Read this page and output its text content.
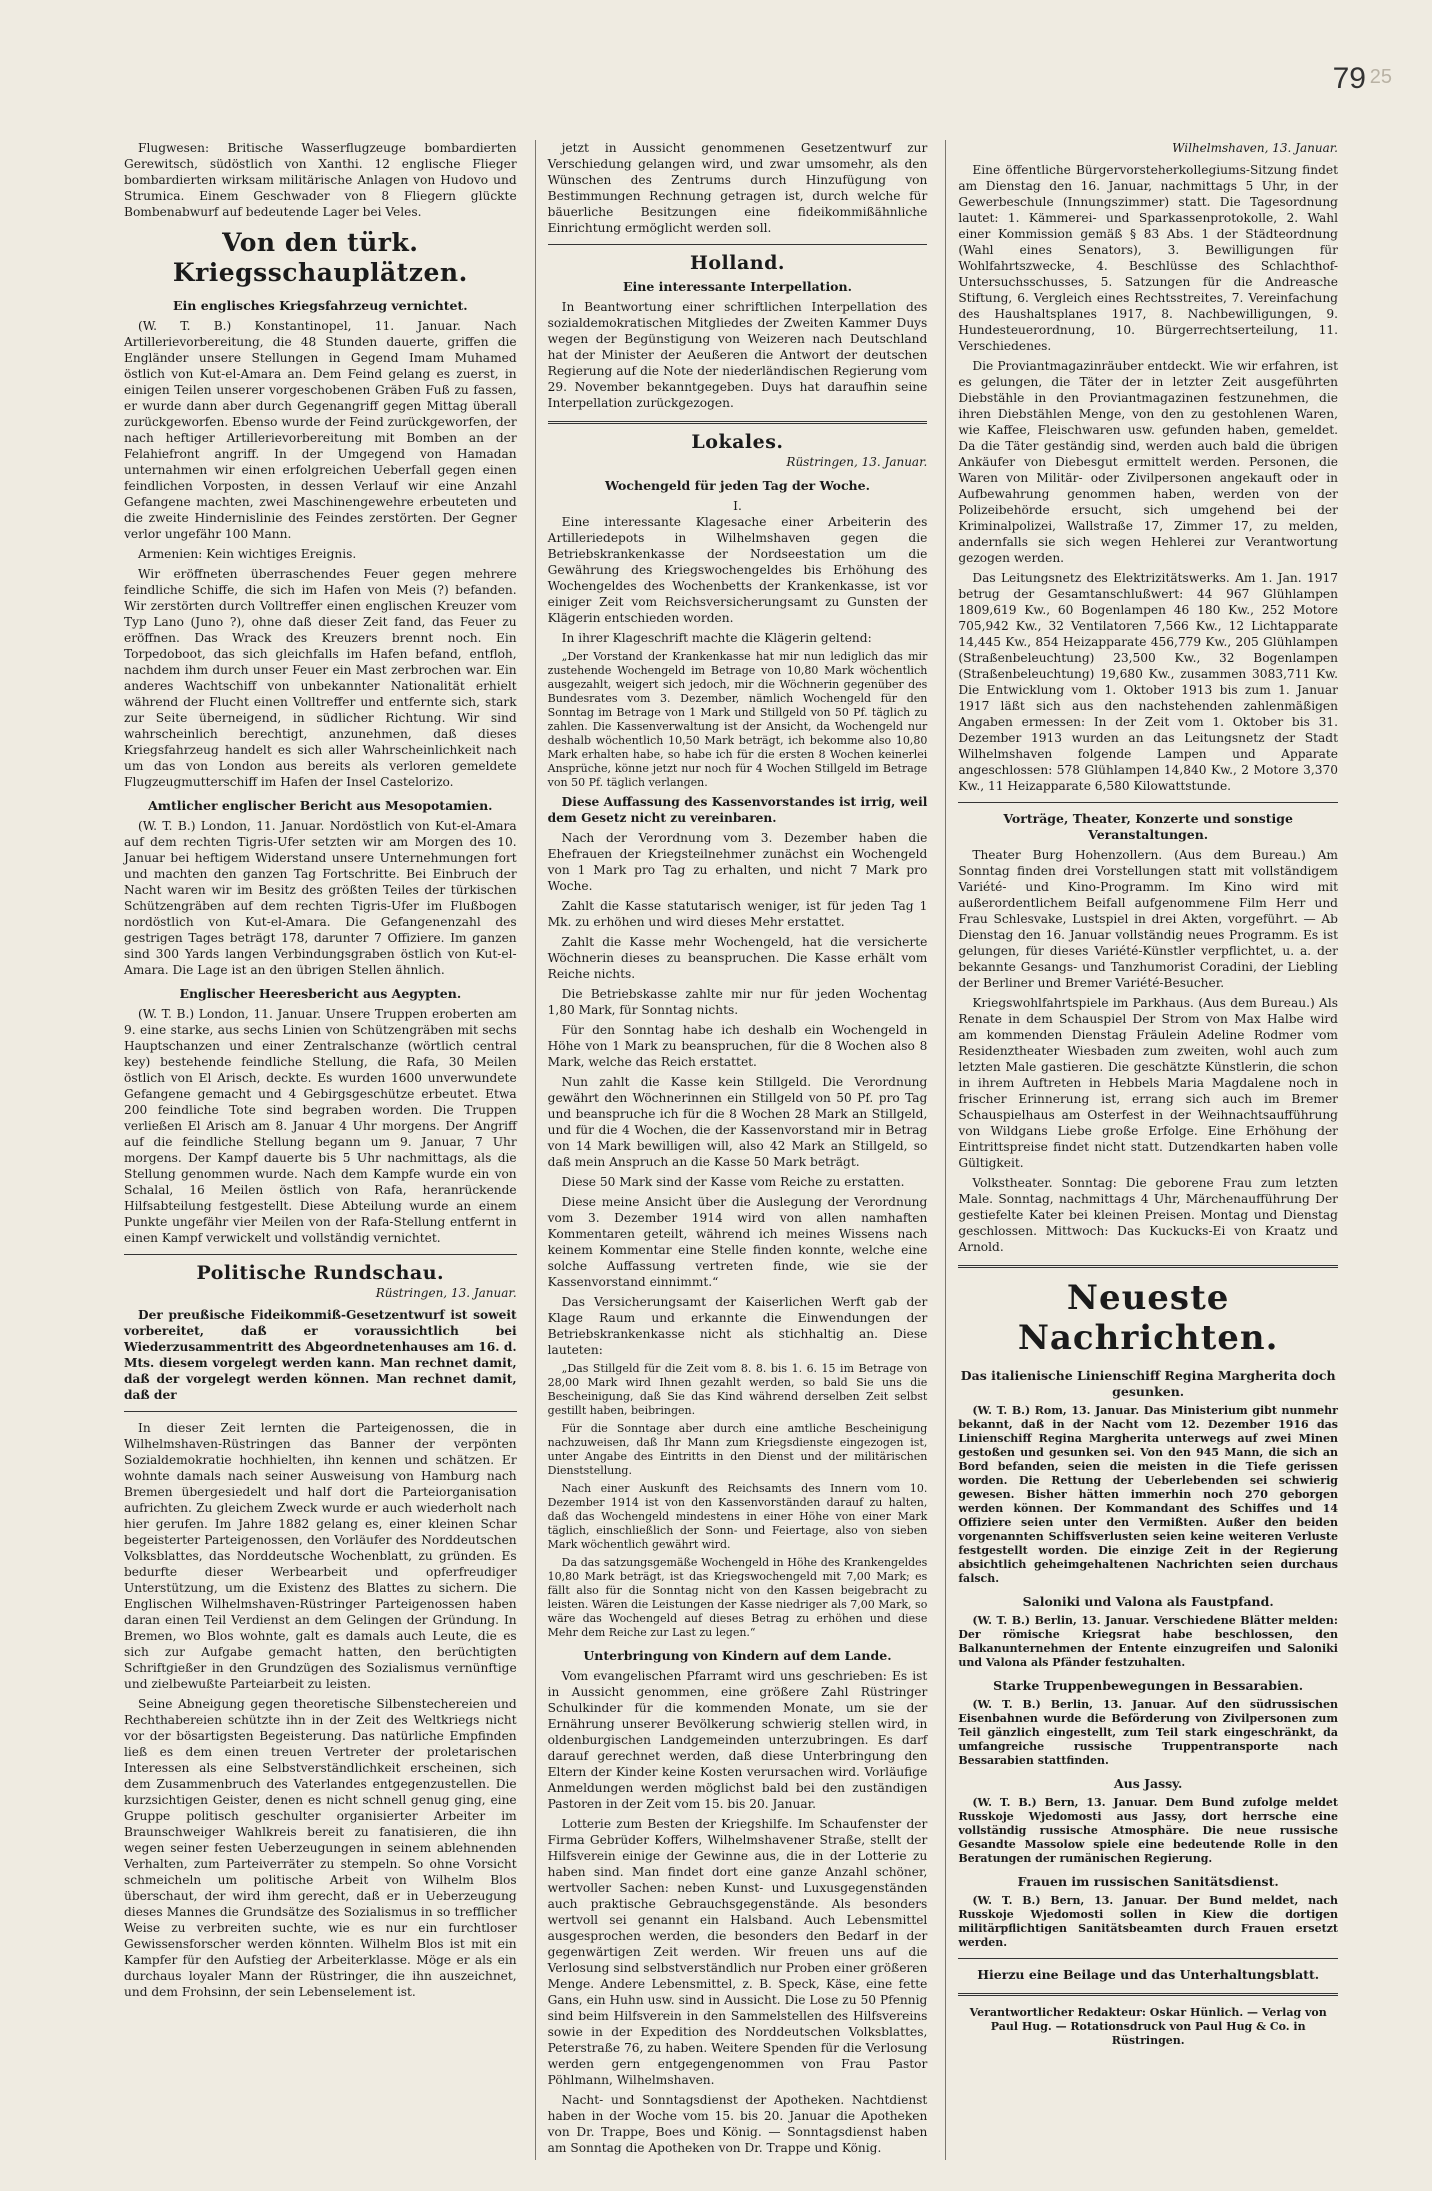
79 25

Flugwesen: Britische Wasserflugzeuge bombardierten Gerewitsch, südöstlich von Xanthi. 12 englische Flieger bombardierten wirksam militärische Anlagen von Hudovo und Strumica. Einem Geschwader von 8 Fliegern glückte Bombenabwurf auf bedeutende Lager bei Veles.

Von den türk. Kriegsschauplätzen.
Ein englisches Kriegsfahrzeug vernichtet.

(W. T. B.) Konstantinopel, 11. Januar. Nach Artillerievorbereitung, die 48 Stunden dauerte, griffen die Engländer unsere Stellungen in Gegend Imam Muhamed östlich von Kut-el-Amara an. Dem Feind gelang es zuerst, in einigen Teilen unserer vorgeschobenen Gräben Fuß zu fassen, er wurde dann aber durch Gegenangriff gegen Mittag überall zurückgeworfen. Ebenso wurde der Feind zurückgeworfen, der nach heftiger Artillerievorbereitung mit Bomben an der Felahiefront angriff. In der Umgegend von Hamadan unternahmen wir einen erfolgreichen Ueberfall gegen einen feindlichen Vorposten, in dessen Verlauf wir eine Anzahl Gefangene machten, zwei Maschinengewehre erbeuteten und die zweite Hindernislinie des Feindes zerstörten. Der Gegner verlor ungefähr 100 Mann.

Armenien: Kein wichtiges Ereignis.

Wir eröffneten überraschendes Feuer gegen mehrere feindliche Schiffe, die sich im Hafen von Meis (?) befanden. Wir zerstörten durch Volltreffer einen englischen Kreuzer vom Typ Lano (Juno ?), ohne daß dieser Zeit fand, das Feuer zu eröffnen. Das Wrack des Kreuzers brennt noch. Ein Torpedoboot, das sich gleichfalls im Hafen befand, entfloh, nachdem ihm durch unser Feuer ein Mast zerbrochen war. Ein anderes Wachtschiff von unbekannter Nationalität erhielt während der Flucht einen Volltreffer und entfernte sich, stark zur Seite überneigend, in südlicher Richtung. Wir sind wahrscheinlich berechtigt, anzunehmen, daß dieses Kriegsfahrzeug handelt es sich aller Wahrscheinlichkeit nach um das von London aus bereits als verloren gemeldete Flugzeugmutterschiff im Hafen der Insel Castelorizo.

Amtlicher englischer Bericht aus Mesopotamien.

(W. T. B.) London, 11. Januar. Nordöstlich von Kut-el-Amara auf dem rechten Tigris-Ufer setzten wir am Morgen des 10. Januar bei heftigem Widerstand unsere Unternehmungen fort und machten den ganzen Tag Fortschritte. Bei Einbruch der Nacht waren wir im Besitz des größten Teiles der türkischen Schützengräben auf dem rechten Tigris-Ufer im Flußbogen nordöstlich von Kut-el-Amara. Die Gefangenenzahl des gestrigen Tages beträgt 178, darunter 7 Offiziere. Im ganzen sind 300 Yards langen Verbindungsgraben östlich von Kut-el-Amara. Die Lage ist an den übrigen Stellen ähnlich.

Englischer Heeresbericht aus Aegypten.

(W. T. B.) London, 11. Januar. Unsere Truppen eroberten am 9. eine starke, aus sechs Linien von Schützengräben mit sechs Hauptschanzen und einer Zentralschanze (wörtlich central key) bestehende feindliche Stellung, die Rafa, 30 Meilen östlich von El Arisch, deckte. Es wurden 1600 unverwundete Gefangene gemacht und 4 Gebirgsgeschütze erbeutet. Etwa 200 feindliche Tote sind begraben worden. Die Truppen verließen El Arisch am 8. Januar 4 Uhr morgens. Der Angriff auf die feindliche Stellung begann um 9. Januar, 7 Uhr morgens. Der Kampf dauerte bis 5 Uhr nachmittags, als die Stellung genommen wurde. Nach dem Kampfe wurde ein von Schalal, 16 Meilen östlich von Rafa, heranrückende Hilfsabteilung festgestellt. Diese Abteilung wurde an einem Punkte ungefähr vier Meilen von der Rafa-Stellung entfernt in einen Kampf verwickelt und vollständig vernichtet.

Politische Rundschau.
Rüstringen, 13. Januar.

Der preußische Fideikommiß-Gesetzentwurf ist soweit vorbereitet, daß er voraussichtlich bei Wiederzusammentritt des Abgeordnetenhauses am 16. d. Mts. diesem vorgelegt werden kann. Man rechnet damit, daß der vorgelegt werden können. Man rechnet damit, daß der

In dieser Zeit lernten die Parteigenossen, die in Wilhelmshaven-Rüstringen das Banner der verpönten Sozialdemokratie hochhielten, ihn kennen und schätzen. Er wohnte damals nach seiner Ausweisung von Hamburg nach Bremen übergesiedelt und half dort die Parteiorganisation aufrichten. Zu gleichem Zweck wurde er auch wiederholt nach hier gerufen. Im Jahre 1882 gelang es, einer kleinen Schar begeisterter Parteigenossen, den Vorläufer des Norddeutschen Volksblattes, das Norddeutsche Wochenblatt, zu gründen. Es bedurfte dieser Werbearbeit und opferfreudiger Unterstützung, um die Existenz des Blattes zu sichern. Die Englischen Wilhelmshaven-Rüstringer Parteigenossen haben daran einen Teil Verdienst an dem Gelingen der Gründung. In Bremen, wo Blos wohnte, galt es damals auch Leute, die es sich zur Aufgabe gemacht hatten, den berüchtigten Schriftgießer in den Grundzügen des Sozialismus vernünftige und zielbewußte Parteiarbeit zu leisten.

Seine Abneigung gegen theoretische Silbenstechereien und Rechthabereien schützte ihn in der Zeit des Weltkriegs nicht vor der bösartigsten Begeisterung. Das natürliche Empfinden ließ es dem einen treuen Vertreter der proletarischen Interessen als eine Selbstverständlichkeit erscheinen, sich dem Zusammenbruch des Vaterlandes entgegenzustellen. Die kurzsichtigen Geister, denen es nicht schnell genug ging, eine Gruppe politisch geschulter organisierter Arbeiter im Braunschweiger Wahlkreis bereit zu fanatisieren, die ihn wegen seiner festen Ueberzeugungen in seinem ablehnenden Verhalten, zum Parteiverräter zu stempeln. So ohne Vorsicht schmeicheln um politische Arbeit von Wilhelm Blos überschaut, der wird ihm gerecht, daß er in Ueberzeugung dieses Mannes die Grundsätze des Sozialismus in so trefflicher Weise zu verbreiten suchte, wie es nur ein furchtloser Gewissensforscher werden könnten. Wilhelm Blos ist mit ein Kampfer für den Aufstieg der Arbeiterklasse. Möge er als ein durchaus loyaler Mann der Rüstringer, die ihn auszeichnet, und dem Frohsinn, der sein Lebenselement ist.

jetzt in Aussicht genommenen Gesetzentwurf zur Verschiedung gelangen wird, und zwar umsomehr, als den Wünschen des Zentrums durch Hinzufügung von Bestimmungen Rechnung getragen ist, durch welche für bäuerliche Besitzungen eine fideikommißähnliche Einrichtung ermöglicht werden soll.

Holland.
Eine interessante Interpellation.

In Beantwortung einer schriftlichen Interpellation des sozialdemokratischen Mitgliedes der Zweiten Kammer Duys wegen der Begünstigung von Weizeren nach Deutschland hat der Minister der Aeußeren die Antwort der deutschen Regierung auf die Note der niederländischen Regierung vom 29. November bekanntgegeben. Duys hat daraufhin seine Interpellation zurückgezogen.

Lokales.
Rüstringen, 13. Januar.
Wochengeld für jeden Tag der Woche.
I.

Eine interessante Klagesache einer Arbeiterin des Artilleriedepots in Wilhelmshaven gegen die Betriebskrankenkasse der Nordseestation um die Gewährung des Kriegswochengeldes bis Erhöhung des Wochengeldes des Wochenbetts der Krankenkasse, ist vor einiger Zeit vom Reichsversicherungsamt zu Gunsten der Klägerin entschieden worden.

In ihrer Klageschrift machte die Klägerin geltend:

„Der Vorstand der Krankenkasse hat mir nun lediglich das mir zustehende Wochengeld im Betrage von 10,80 Mark wöchentlich ausgezahlt, weigert sich jedoch, mir die Wöchnerin gegenüber des Bundesrates vom 3. Dezember, nämlich Wochengeld für den Sonntag im Betrage von 1 Mark und Stillgeld von 50 Pf. täglich zu zahlen. Die Kassenverwaltung ist der Ansicht, da Wochengeld nur deshalb wöchentlich 10,50 Mark beträgt, ich bekomme also 10,80 Mark erhalten habe, so habe ich für die ersten 8 Wochen keinerlei Ansprüche, könne jetzt nur noch für 4 Wochen Stillgeld im Betrage von 50 Pf. täglich verlangen.

Diese Auffassung des Kassenvorstandes ist irrig, weil dem Gesetz nicht zu vereinbaren.

Nach der Verordnung vom 3. Dezember haben die Ehefrauen der Kriegsteilnehmer zunächst ein Wochengeld von 1 Mark pro Tag zu erhalten, und nicht 7 Mark pro Woche.

Zahlt die Kasse statutarisch weniger, ist für jeden Tag 1 Mk. zu erhöhen und wird dieses Mehr erstattet.

Zahlt die Kasse mehr Wochengeld, hat die versicherte Wöchnerin dieses zu beanspruchen. Die Kasse erhält vom Reiche nichts.

Die Betriebskasse zahlte mir nur für jeden Wochentag 1,80 Mark, für Sonntag nichts.

Für den Sonntag habe ich deshalb ein Wochengeld in Höhe von 1 Mark zu beanspruchen, für die 8 Wochen also 8 Mark, welche das Reich erstattet.

Nun zahlt die Kasse kein Stillgeld. Die Verordnung gewährt den Wöchnerinnen ein Stillgeld von 50 Pf. pro Tag und beanspruche ich für die 8 Wochen 28 Mark an Stillgeld, und für die 4 Wochen, die der Kassenvorstand mir in Betrag von 14 Mark bewilligen will, also 42 Mark an Stillgeld, so daß mein Anspruch an die Kasse 50 Mark beträgt.

Diese 50 Mark sind der Kasse vom Reiche zu erstatten.

Diese meine Ansicht über die Auslegung der Verordnung vom 3. Dezember 1914 wird von allen namhaften Kommentaren geteilt, während ich meines Wissens nach keinem Kommentar eine Stelle finden konnte, welche eine solche Auffassung vertreten finde, wie sie der Kassenvorstand einnimmt.“

Das Versicherungsamt der Kaiserlichen Werft gab der Klage Raum und erkannte die Einwendungen der Betriebskrankenkasse nicht als stichhaltig an. Diese lauteten:

„Das Stillgeld für die Zeit vom 8. 8. bis 1. 6. 15 im Betrage von 28,00 Mark wird Ihnen gezahlt werden, so bald Sie uns die Bescheinigung, daß Sie das Kind während derselben Zeit selbst gestillt haben, beibringen.

Für die Sonntage aber durch eine amtliche Bescheinigung nachzuweisen, daß Ihr Mann zum Kriegsdienste eingezogen ist, unter Angabe des Eintritts in den Dienst und der militärischen Dienststellung.

Nach einer Auskunft des Reichsamts des Innern vom 10. Dezember 1914 ist von den Kassenvorständen darauf zu halten, daß das Wochengeld mindestens in einer Höhe von einer Mark täglich, einschließlich der Sonn- und Feiertage, also von sieben Mark wöchentlich gewährt wird.

Da das satzungsgemäße Wochengeld in Höhe des Krankengeldes 10,80 Mark beträgt, ist das Kriegswochengeld mit 7,00 Mark; es fällt also für die Sonntag nicht von den Kassen beigebracht zu leisten. Wären die Leistungen der Kasse niedriger als 7,00 Mark, so wäre das Wochengeld auf dieses Betrag zu erhöhen und diese Mehr dem Reiche zur Last zu legen.“

Unterbringung von Kindern auf dem Lande.

Vom evangelischen Pfarramt wird uns geschrieben: Es ist in Aussicht genommen, eine größere Zahl Rüstringer Schulkinder für die kommenden Monate, um sie der Ernährung unserer Bevölkerung schwierig stellen wird, in oldenburgischen Landgemeinden unterzubringen. Es darf darauf gerechnet werden, daß diese Unterbringung den Eltern der Kinder keine Kosten verursachen wird. Vorläufige Anmeldungen werden möglichst bald bei den zuständigen Pastoren in der Zeit vom 15. bis 20. Januar.

Lotterie zum Besten der Kriegshilfe. Im Schaufenster der Firma Gebrüder Koffers, Wilhelmshavener Straße, stellt der Hilfsverein einige der Gewinne aus, die in der Lotterie zu haben sind. Man findet dort eine ganze Anzahl schöner, wertvoller Sachen: neben Kunst- und Luxusgegenständen auch praktische Gebrauchsgegenstände. Als besonders wertvoll sei genannt ein Halsband. Auch Lebensmittel ausgesprochen werden, die besonders den Bedarf in der gegenwärtigen Zeit werden. Wir freuen uns auf die Verlosung sind selbstverständlich nur Proben einer größeren Menge. Andere Lebensmittel, z. B. Speck, Käse, eine fette Gans, ein Huhn usw. sind in Aussicht. Die Lose zu 50 Pfennig sind beim Hilfsverein in den Sammelstellen des Hilfsvereins sowie in der Expedition des Norddeutschen Volksblattes, Peterstraße 76, zu haben. Weitere Spenden für die Verlosung werden gern entgegengenommen von Frau Pastor Pöhlmann, Wilhelmshaven.

Nacht- und Sonntagsdienst der Apotheken. Nachtdienst haben in der Woche vom 15. bis 20. Januar die Apotheken von Dr. Trappe, Boes und König. — Sonntagsdienst haben am Sonntag die Apotheken von Dr. Trappe und König.

Wilhelmshaven, 13. Januar.

Eine öffentliche Bürgervorsteherkollegiums-Sitzung findet am Dienstag den 16. Januar, nachmittags 5 Uhr, in der Gewerbeschule (Innungszimmer) statt. Die Tagesordnung lautet: 1. Kämmerei- und Sparkassenprotokolle, 2. Wahl einer Kommission gemäß § 83 Abs. 1 der Städteordnung (Wahl eines Senators), 3. Bewilligungen für Wohlfahrtszwecke, 4. Beschlüsse des Schlachthof-Untersuchsschusses, 5. Satzungen für die Andreasche Stiftung, 6. Vergleich eines Rechtsstreites, 7. Vereinfachung des Haushaltsplanes 1917, 8. Nachbewilligungen, 9. Hundesteuerordnung, 10. Bürgerrechtserteilung, 11. Verschiedenes.

Die Proviantmagazinräuber entdeckt. Wie wir erfahren, ist es gelungen, die Täter der in letzter Zeit ausgeführten Diebstähle in den Proviantmagazinen festzunehmen, die ihren Diebstählen Menge, von den zu gestohlenen Waren, wie Kaffee, Fleischwaren usw. gefunden haben, gemeldet. Da die Täter geständig sind, werden auch bald die übrigen Ankäufer von Diebesgut ermittelt werden. Personen, die Waren von Militär- oder Zivilpersonen angekauft oder in Aufbewahrung genommen haben, werden von der Polizeibehörde ersucht, sich umgehend bei der Kriminalpolizei, Wallstraße 17, Zimmer 17, zu melden, andernfalls sie sich wegen Hehlerei zur Verantwortung gezogen werden.

Das Leitungsnetz des Elektrizitätswerks. Am 1. Jan. 1917 betrug der Gesamtanschlußwert: 44 967 Glühlampen 1809,619 Kw., 60 Bogenlampen 46 180 Kw., 252 Motore 705,942 Kw., 32 Ventilatoren 7,566 Kw., 12 Lichtapparate 14,445 Kw., 854 Heizapparate 456,779 Kw., 205 Glühlampen (Straßenbeleuchtung) 23,500 Kw., 32 Bogenlampen (Straßenbeleuchtung) 19,680 Kw., zusammen 3083,711 Kw. Die Entwicklung vom 1. Oktober 1913 bis zum 1. Januar 1917 läßt sich aus den nachstehenden zahlenmäßigen Angaben ermessen: In der Zeit vom 1. Oktober bis 31. Dezember 1913 wurden an das Leitungsnetz der Stadt Wilhelmshaven folgende Lampen und Apparate angeschlossen: 578 Glühlampen 14,840 Kw., 2 Motore 3,370 Kw., 11 Heizapparate 6,580 Kilowattstunde.

Vorträge, Theater, Konzerte und sonstige Veranstaltungen.

Theater Burg Hohenzollern. (Aus dem Bureau.) Am Sonntag finden drei Vorstellungen statt mit vollständigem Variété- und Kino-Programm. Im Kino wird mit außerordentlichem Beifall aufgenommene Film Herr und Frau Schlesvake, Lustspiel in drei Akten, vorgeführt. — Ab Dienstag den 16. Januar vollständig neues Programm. Es ist gelungen, für dieses Variété-Künstler verpflichtet, u. a. der bekannte Gesangs- und Tanzhumorist Coradini, der Liebling der Berliner und Bremer Variété-Besucher.

Kriegswohlfahrtspiele im Parkhaus. (Aus dem Bureau.) Als Renate in dem Schauspiel Der Strom von Max Halbe wird am kommenden Dienstag Fräulein Adeline Rodmer vom Residenztheater Wiesbaden zum zweiten, wohl auch zum letzten Male gastieren. Die geschätzte Künstlerin, die schon in ihrem Auftreten in Hebbels Maria Magdalene noch in frischer Erinnerung ist, errang sich auch im Bremer Schauspielhaus am Osterfest in der Weihnachtsaufführung von Wildgans Liebe große Erfolge. Eine Erhöhung der Eintrittspreise findet nicht statt. Dutzendkarten haben volle Gültigkeit.

Volkstheater. Sonntag: Die geborene Frau zum letzten Male. Sonntag, nachmittags 4 Uhr, Märchenaufführung Der gestiefelte Kater bei kleinen Preisen. Montag und Dienstag geschlossen. Mittwoch: Das Kuckucks-Ei von Kraatz und Arnold.

Neueste Nachrichten.
Das italienische Linienschiff Regina Margherita doch gesunken.

(W. T. B.) Rom, 13. Januar. Das Ministerium gibt nunmehr bekannt, daß in der Nacht vom 12. Dezember 1916 das Linienschiff Regina Margherita unterwegs auf zwei Minen gestoßen und gesunken sei. Von den 945 Mann, die sich an Bord befanden, seien die meisten in die Tiefe gerissen worden. Die Rettung der Ueberlebenden sei schwierig gewesen. Bisher hätten immerhin noch 270 geborgen werden können. Der Kommandant des Schiffes und 14 Offiziere seien unter den Vermißten. Außer den beiden vorgenannten Schiffsverlusten seien keine weiteren Verluste festgestellt worden. Die einzige Zeit in der Regierung absichtlich geheimgehaltenen Nachrichten seien durchaus falsch.

Saloniki und Valona als Faustpfand.

(W. T. B.) Berlin, 13. Januar. Verschiedene Blätter melden: Der römische Kriegsrat habe beschlossen, den Balkanunternehmen der Entente einzugreifen und Saloniki und Valona als Pfänder festzuhalten.

Starke Truppenbewegungen in Bessarabien.

(W. T. B.) Berlin, 13. Januar. Auf den südrussischen Eisenbahnen wurde die Beförderung von Zivilpersonen zum Teil gänzlich eingestellt, zum Teil stark eingeschränkt, da umfangreiche russische Truppentransporte nach Bessarabien stattfinden.

Aus Jassy.

(W. T. B.) Bern, 13. Januar. Dem Bund zufolge meldet Russkoje Wjedomosti aus Jassy, dort herrsche eine vollständig russische Atmosphäre. Die neue russische Gesandte Massolow spiele eine bedeutende Rolle in den Beratungen der rumänischen Regierung.

Frauen im russischen Sanitätsdienst.

(W. T. B.) Bern, 13. Januar. Der Bund meldet, nach Russkoje Wjedomosti sollen in Kiew die dortigen militärpflichtigen Sanitätsbeamten durch Frauen ersetzt werden.

Hierzu eine Beilage und das Unterhaltungsblatt.
Verantwortlicher Redakteur: Oskar Hünlich. — Verlag von Paul Hug. — Rotationsdruck von Paul Hug & Co. in Rüstringen.
